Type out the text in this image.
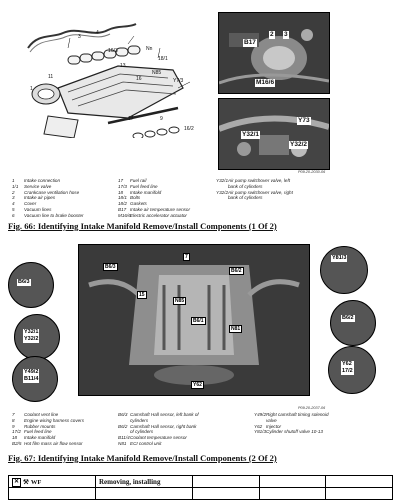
3
4
11
16/3
13
18/1
16
Nn
N85
17	9
16/2
Y7/3
1
B17
2 3
M16/6
Y73
Y32/1
Y32/2
P09.20-2030-06
1	Intake connection
1/1	Service valve
2	Crankcase ventilation hose
3	Intake air pipes
4	Cover
5	Vacuum lines
6	Vacuum line to brake booster
17	Fuel rail
17/3 Fuel feed line
18	Intake manifold
18/1 Bolts
18/2 Gaskets
B17 Intake air temperature sensor
M16/6 Electric accelerator actuator
Y32/1 Air pump switchover valve, left
bank of cylinders
Y32/2 Air pump switchover valve, right
bank of cylinders
Fig. 66: Identifying Intake Manifold Remove/Install Components (1 Of 2)
B6/3
15
B6/2
N85
7
B6/1
N81
Y62
B6/3
Y81/3
Y32/1
Y32/2
B6/2
Y49/2
B11/4
Y62
17/2
P09.20-2037-06
7	Coolant vent line
8	Engine wiring harness covers
9	Rubber mounts
17/2 Fuel feed line
18	Intake manifold
B2/5 Hot film mass air flow sensor
B6/3 Camshaft Hall sensor, left bank of
cylinders
B6/2 Camshaft Hall sensor, right bank
of cylinders
B11/4 Coolant temperature sensor
N81 ECI control unit
Y49/2 Right camshaft timing solenoid
valve
Y62 Injector
Y81/3 Cylinder shutoff valve 10-13
Fig. 67: Identifying Intake Manifold Remove/Install Components (2 Of 2)
✕ ⚒ WF	Removing, installing			
